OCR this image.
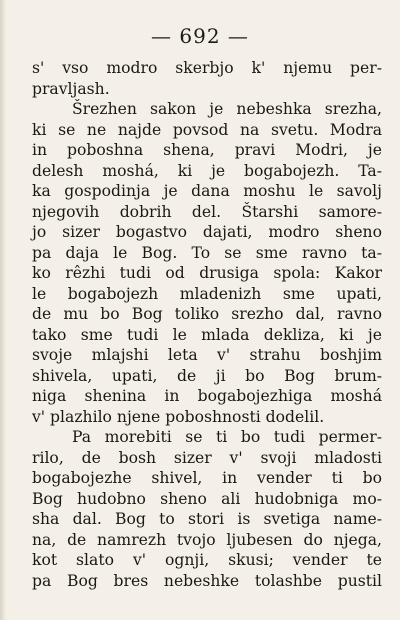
— 692 —
s' vso modro skerbjo k' njemu per-
pravljash.
Šrezhen sakon je nebeshka srezha,
ki se ne najde povsod na svetu. Modra
in poboshna shena, pravi Modri, je
delesh moshá, ki je bogabojezh. Ta-
ka gospodinja je dana moshu le savolj
njegovih dobrih del. Štarshi samore-
jo sizer bogastvo dajati, modro sheno
pa daja le Bog. To se sme ravno ta-
ko rêzhi tudi od drusiga spola: Kakor
le bogabojezh mladenizh sme upati,
de mu bo Bog toliko srezho dal, ravno
tako sme tudi le mlada dekliza, ki je
svoje mlajshi leta v' strahu boshjim
shivela, upati, de ji bo Bog brum-
niga shenina in bogabojezhiga moshá
v' plazhilo njene poboshnosti dodelil.
Pa morebiti se ti bo tudi permer-
rilo, de bosh sizer v' svoji mladosti
bogabojezhe shivel, in vender ti bo
Bog hudobno sheno ali hudobniga mo-
sha dal. Bog to stori is svetiga name-
na, de namrezh tvojo ljubesen do njega,
kot slato v' ognji, skusi; vender te
pa Bog bres nebeshke tolashbe pustil
